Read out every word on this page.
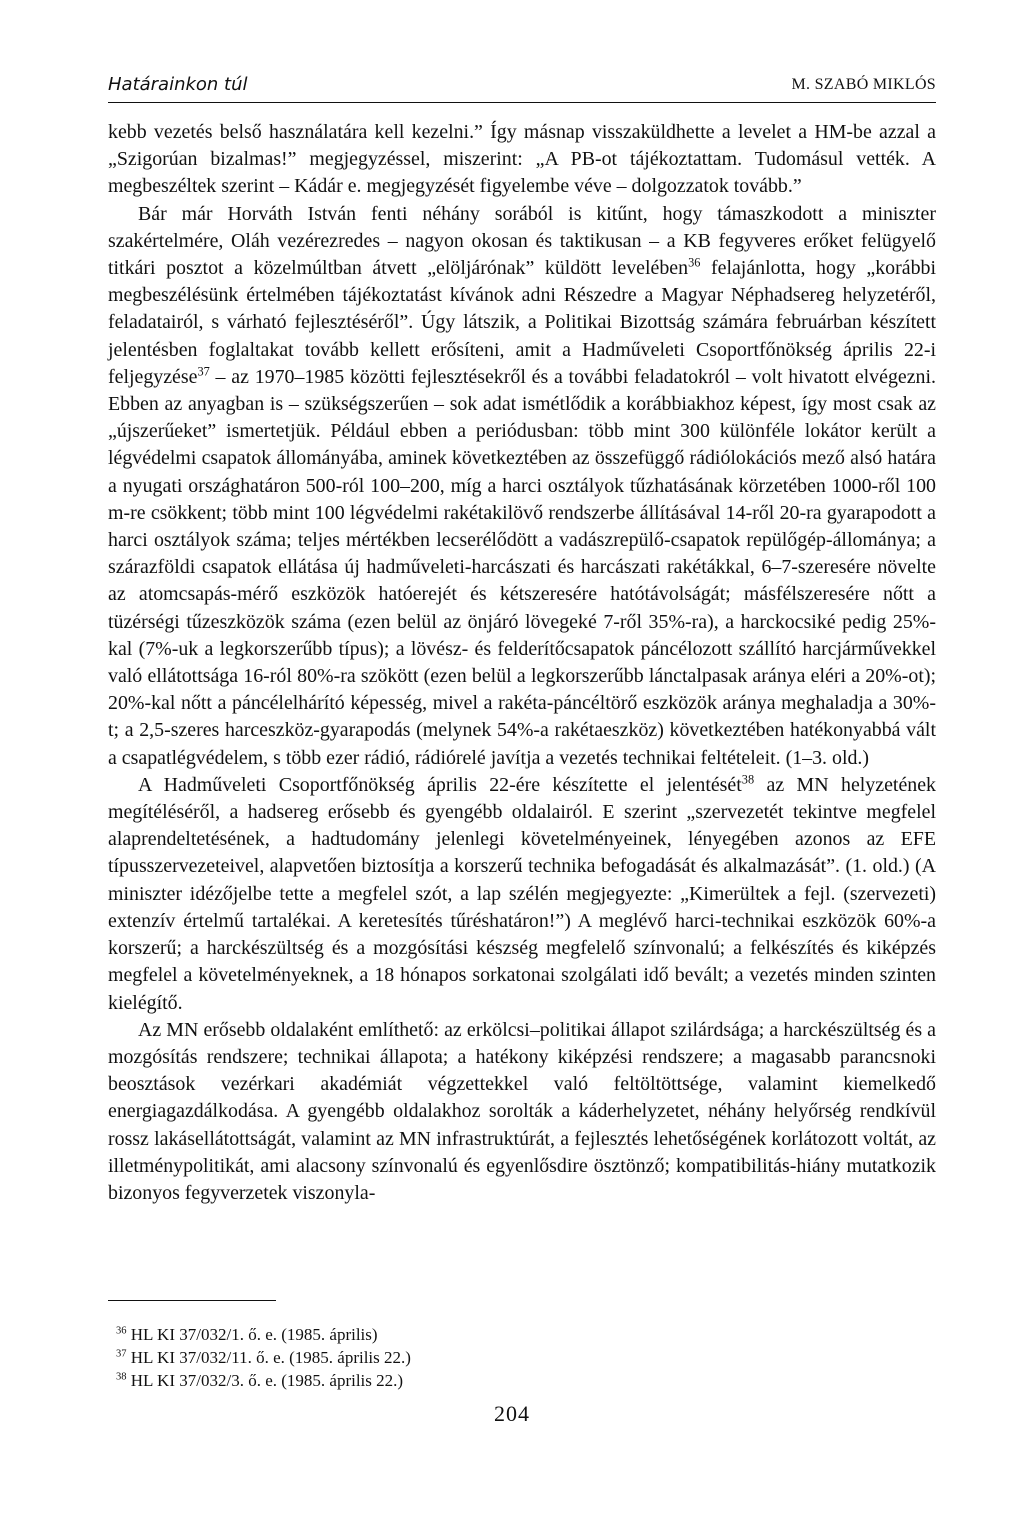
Határainkon túl	M. SZABÓ MIKLÓS

kebb vezetés belső használatára kell kezelni.” Így másnap visszaküldhette a levelet a HM-be azzal a „Szigorúan bizalmas!” megjegyzéssel, miszerint: „A PB-ot tájékoztattam. Tudomásul vették. A megbeszéltek szerint – Kádár e. megjegyzését figyelembe véve – dolgozzatok tovább.”

Bár már Horváth István fenti néhány sorából is kitűnt, hogy támaszkodott a miniszter szakértelmére, Oláh vezérezredes – nagyon okosan és taktikusan – a KB fegyveres erőket felügyelő titkári posztot a közelmúltban átvett „elöljárónak” küldött levelében$^{36}$ felajánlotta, hogy „korábbi megbeszélésünk értelmében tájékoztatást kívánok adni Részedre a Magyar Néphadsereg helyzetéről, feladatairól, s várható fejlesztéséről”. Úgy látszik, a Politikai Bizottság számára februárban készített jelentésben foglaltakat tovább kellett erősíteni, amit a Hadműveleti Csoportfőnökség április 22-i feljegyzése$^{37}$ – az 1970–1985 közötti fejlesztésekről és a további feladatokról – volt hivatott elvégezni. Ebben az anyagban is – szükségszerűen – sok adat ismétlődik a korábbiakhoz képest, így most csak az „újszerűeket” ismertetjük. Például ebben a periódusban: több mint 300 különféle lokátor került a légvédelmi csapatok állományába, aminek következtében az összefüggő rádiólokációs mező alsó határa a nyugati országhatáron 500-ról 100–200, míg a harci osztályok tűzhatásának körzetében 1000-ről 100 m-re csökkent; több mint 100 légvédelmi rakétakilövő rendszerbe állításával 14-ről 20-ra gyarapodott a harci osztályok száma; teljes mértékben lecserélődött a vadászrepülő-csapatok repülőgép-állománya; a szárazföldi csapatok ellátása új hadműveleti-harcászati és harcászati rakétákkal, 6–7-szeresére növelte az atomcsapás-mérő eszközök hatóerejét és kétszeresére hatótávolságát; másfélszeresére nőtt a tüzérségi tűzeszközök száma (ezen belül az önjáró lövegeké 7-ről 35%-ra), a harckocsiké pedig 25%-kal (7%-uk a legkorszerűbb típus); a lövész- és felderítőcsapatok páncélozott szállító harcjárművekkel való ellátottsága 16-ról 80%-ra szökött (ezen belül a legkorszerűbb lánctalpasak aránya eléri a 20%-ot); 20%-kal nőtt a páncélelhárító képesség, mivel a rakéta-páncéltörő eszközök aránya meghaladja a 30%-t; a 2,5-szeres harceszköz-gyarapodás (melynek 54%-a rakétaeszköz) következtében hatékonyabbá vált a csapatlégvédelem, s több ezer rádió, rádiórelé javítja a vezetés technikai feltételeit. (1–3. old.)

A Hadműveleti Csoportfőnökség április 22-ére készítette el jelentését$^{38}$ az MN helyzetének megítéléséről, a hadsereg erősebb és gyengébb oldalairól. E szerint „szervezetét tekintve megfelel alaprendeltetésének, a hadtudomány jelenlegi követelményeinek, lényegében azonos az EFE típusszervezeteivel, alapvetően biztosítja a korszerű technika befogadását és alkalmazását”. (1. old.) (A miniszter idézőjelbe tette a megfelel szót, a lap szélén megjegyezte: „Kimerültek a fejl. (szervezeti) extenzív értelmű tartalékai. A keretesítés tűréshatáron!”) A meglévő harci-technikai eszközök 60%-a korszerű; a harckészültség és a mozgósítási készség megfelelő színvonalú; a felkészítés és kiképzés megfelel a követelményeknek, a 18 hónapos sorkatonai szolgálati idő bevált; a vezetés minden szinten kielégítő.

Az MN erősebb oldalaként említhető: az erkölcsi–politikai állapot szilárdsága; a harckészültség és a mozgósítás rendszere; technikai állapota; a hatékony kiképzési rendszere; a magasabb parancsnoki beosztások vezérkari akadémiát végzettekkel való feltöltöttsége, valamint kiemelkedő energiagazdálkodása. A gyengébb oldalakhoz sorolták a káderhelyzetet, néhány helyőrség rendkívül rossz lakásellátottságát, valamint az MN infrastruktúrát, a fejlesztés lehetőségének korlátozott voltát, az illetménypolitikát, ami alacsony színvonalú és egyenlősdire ösztönző; kompatibilitás-hiány mutatkozik bizonyos fegyverzetek viszonyla-

$^{36}$ HL KI 37/032/1. ő. e. (1985. április)

$^{37}$ HL KI 37/032/11. ő. e. (1985. április 22.)

$^{38}$ HL KI 37/032/3. ő. e. (1985. április 22.)

204
